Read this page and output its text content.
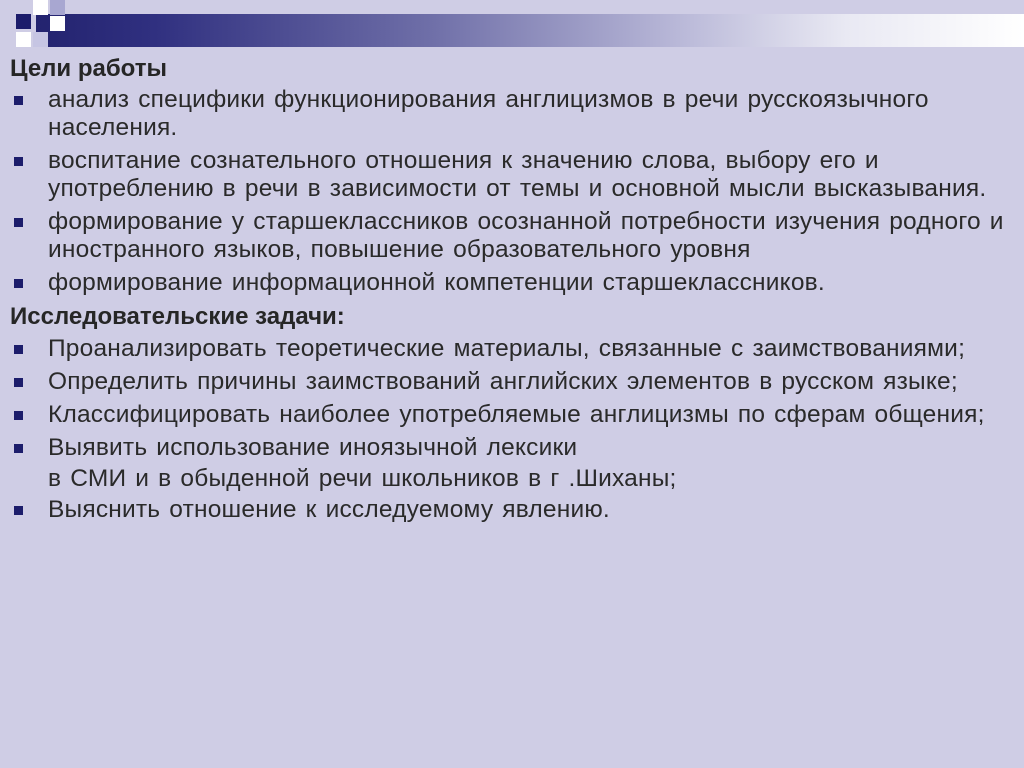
Цели работы
анализ специфики функционирования англицизмов в речи русскоязычного населения.
воспитание сознательного отношения к значению слова, выбору его и употреблению в речи в зависимости от темы и основной мысли высказывания.
формирование у старшеклассников осознанной потребности изучения родного и иностранного языков, повышение образовательного уровня
формирование информационной компетенции старшеклассников.
Исследовательские задачи:
Проанализировать теоретические материалы, связанные с заимствованиями;
Определить причины заимствований английских элементов в русском языке;
Классифицировать наиболее употребляемые англицизмы по сферам общения;
Выявить использование иноязычной лексики
в СМИ и в обыденной речи школьников в г .Шиханы;
Выяснить отношение к исследуемому явлению.
